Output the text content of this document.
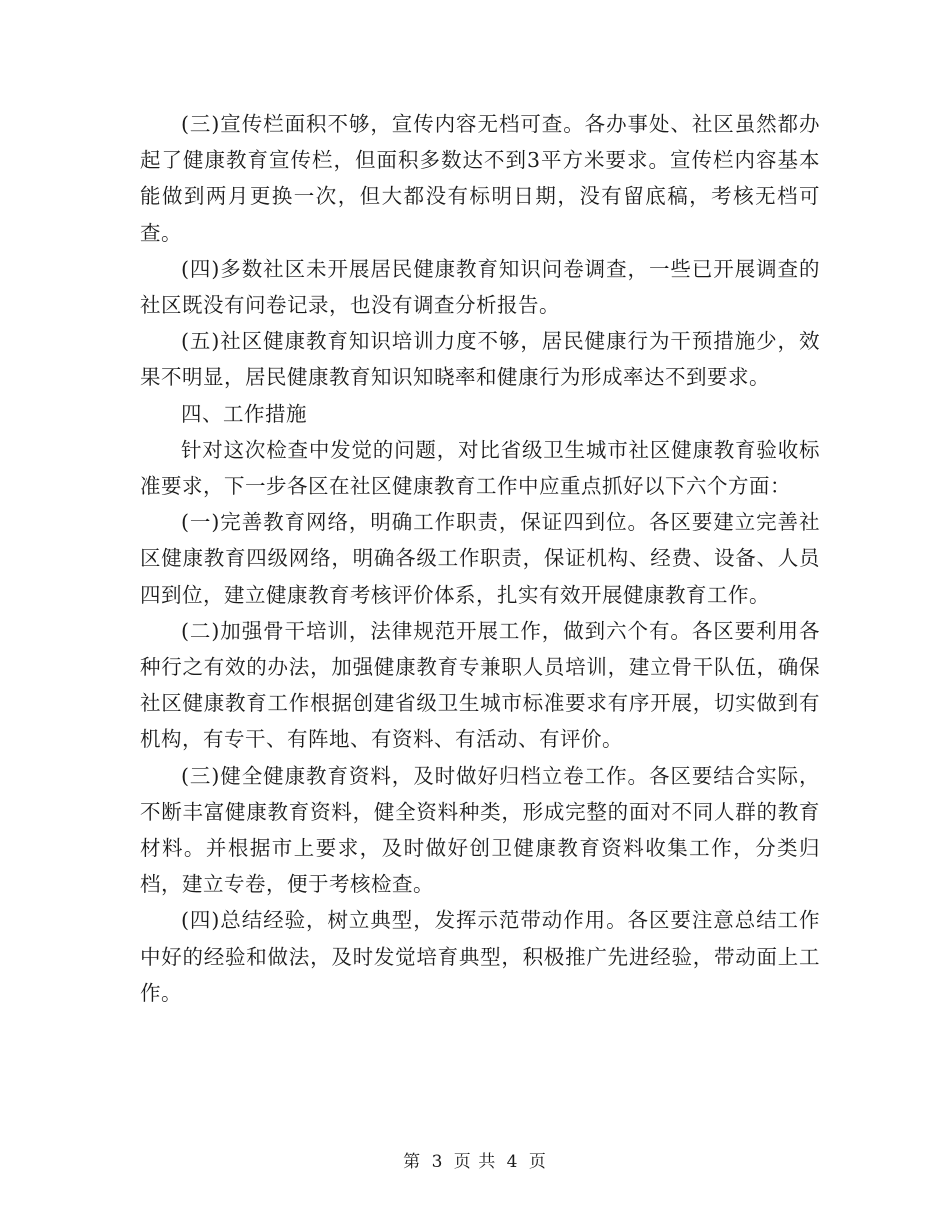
(三)宣传栏面积不够，宣传内容无档可查。各办事处、社区虽然都办起了健康教育宣传栏，但面积多数达不到3平方米要求。宣传栏内容基本能做到两月更换一次，但大都没有标明日期，没有留底稿，考核无档可查。

(四)多数社区未开展居民健康教育知识问卷调查，一些已开展调查的社区既没有问卷记录，也没有调查分析报告。

(五)社区健康教育知识培训力度不够，居民健康行为干预措施少，效果不明显，居民健康教育知识知晓率和健康行为形成率达不到要求。

四、工作措施

针对这次检查中发觉的问题，对比省级卫生城市社区健康教育验收标准要求，下一步各区在社区健康教育工作中应重点抓好以下六个方面：

(一)完善教育网络，明确工作职责，保证四到位。各区要建立完善社区健康教育四级网络，明确各级工作职责，保证机构、经费、设备、人员四到位，建立健康教育考核评价体系，扎实有效开展健康教育工作。

(二)加强骨干培训，法律规范开展工作，做到六个有。各区要利用各种行之有效的办法，加强健康教育专兼职人员培训，建立骨干队伍，确保社区健康教育工作根据创建省级卫生城市标准要求有序开展，切实做到有机构，有专干、有阵地、有资料、有活动、有评价。

(三)健全健康教育资料，及时做好归档立卷工作。各区要结合实际，不断丰富健康教育资料，健全资料种类，形成完整的面对不同人群的教育材料。并根据市上要求，及时做好创卫健康教育资料收集工作，分类归档，建立专卷，便于考核检查。

(四)总结经验，树立典型，发挥示范带动作用。各区要注意总结工作中好的经验和做法，及时发觉培育典型，积极推广先进经验，带动面上工作。

第 3 页 共 4 页
